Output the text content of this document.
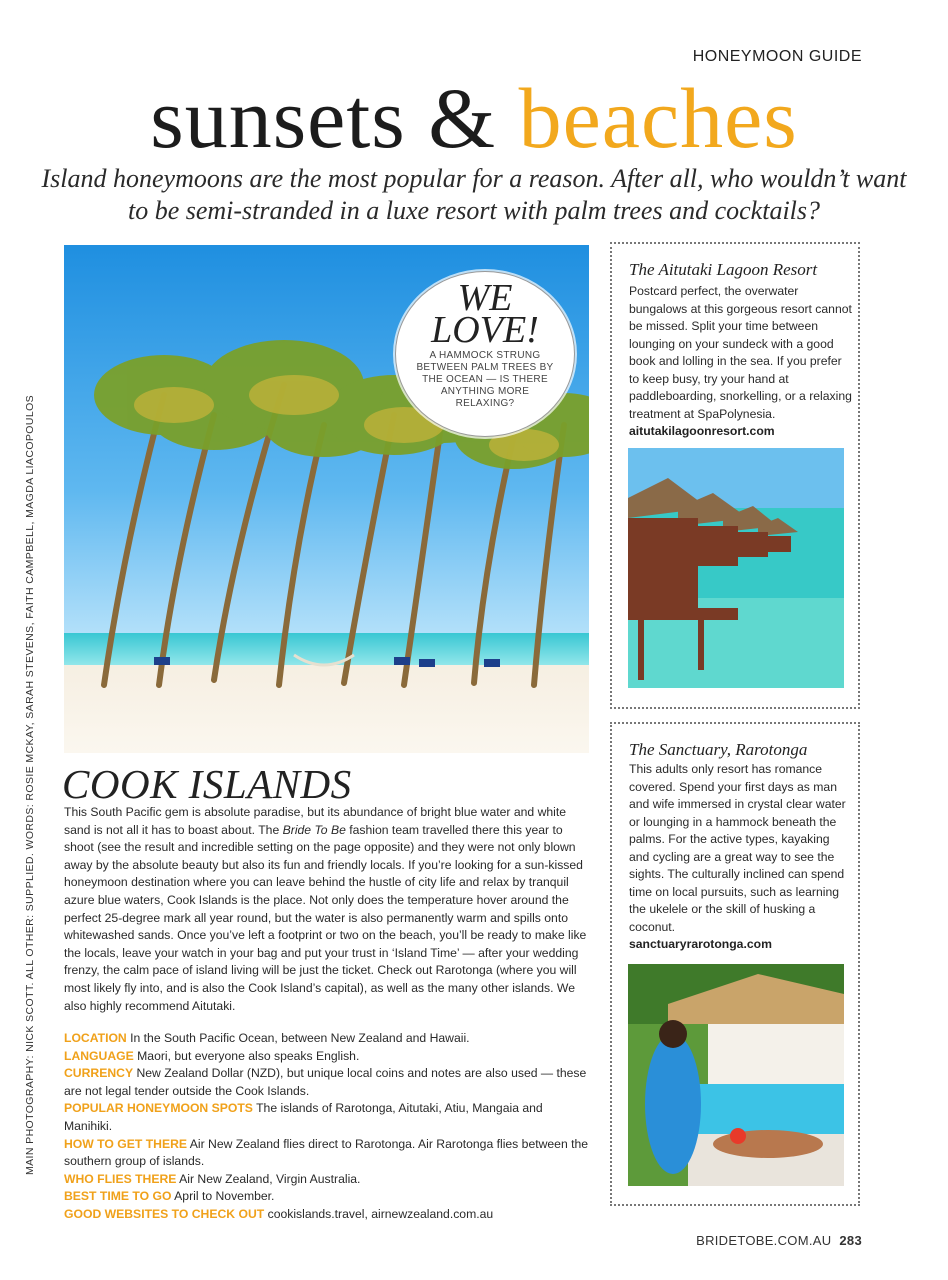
HONEYMOON GUIDE
sunsets & beaches
Island honeymoons are the most popular for a reason. After all, who wouldn’t want to be semi-stranded in a luxe resort with palm trees and cocktails?
WE
LOVE!
A HAMMOCK STRUNG BETWEEN PALM TREES BY THE OCEAN — IS THERE ANYTHING MORE RELAXING?
MAIN PHOTOGRAPHY: NICK SCOTT. ALL OTHER: SUPPLIED. WORDS: ROSIE MCKAY, SARAH STEVENS, FAITH CAMPBELL, MAGDA LIACOPOULOS COOK ISLANDS
This South Pacific gem is absolute paradise, but its abundance of bright blue water and white sand is not all it has to boast about. The Bride To Be fashion team travelled there this year to shoot (see the result and incredible setting on the page opposite) and they were not only blown away by the absolute beauty but also its fun and friendly locals. If you’re looking for a sun-kissed honeymoon destination where you can leave behind the hustle of city life and relax by tranquil azure blue waters, Cook Islands is the place. Not only does the temperature hover around the perfect 25-degree mark all year round, but the water is also permanently warm and spills onto whitewashed sands. Once you’ve left a footprint or two on the beach, you’ll be ready to make like the locals, leave your watch in your bag and put your trust in ‘Island Time’ — after your wedding frenzy, the calm pace of island living will be just the ticket. Check out Rarotonga (where you will most likely fly into, and is also the Cook Island’s capital), as well as the many other islands. We also highly recommend Aitutaki.
LOCATION In the South Pacific Ocean, between New Zealand and Hawaii.
LANGUAGE Maori, but everyone also speaks English.
CURRENCY New Zealand Dollar (NZD), but unique local coins and notes are also used — these are not legal tender outside the Cook Islands.
POPULAR HONEYMOON SPOTS The islands of Rarotonga, Aitutaki, Atiu, Mangaia and Manihiki.
HOW TO GET THERE Air New Zealand flies direct to Rarotonga. Air Rarotonga flies between the southern group of islands.
WHO FLIES THERE Air New Zealand, Virgin Australia.
BEST TIME TO GO April to November.
GOOD WEBSITES TO CHECK OUT cookislands.travel, airnewzealand.com.au
The Aitutaki Lagoon Resort
Postcard perfect, the overwater bungalows at this gorgeous resort cannot be missed. Split your time between lounging on your sundeck with a good book and lolling in the sea. If you prefer to keep busy, try your hand at paddleboarding, snorkelling, or a relaxing treatment at SpaPolynesia.
aitutakilagoonresort.com
The Sanctuary, Rarotonga
This adults only resort has romance covered. Spend your first days as man and wife immersed in crystal clear water or lounging in a hammock beneath the palms. For the active types, kayaking and cycling are a great way to see the sights. The culturally inclined can spend time on local pursuits, such as learning the ukelele or the skill of husking a coconut.
sanctuaryrarotonga.com
BRIDETOBE.COM.AU 283
